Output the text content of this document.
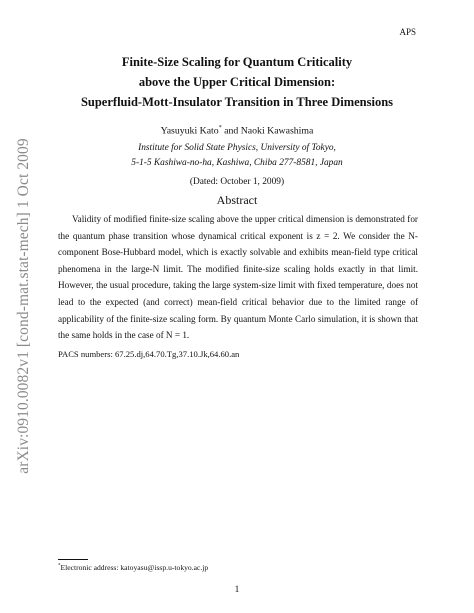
arXiv:0910.0082v1 [cond-mat.stat-mech] 1 Oct 2009
APS
Finite-Size Scaling for Quantum Criticality
above the Upper Critical Dimension:
Superfluid-Mott-Insulator Transition in Three Dimensions
Yasuyuki Kato* and Naoki Kawashima
Institute for Solid State Physics, University of Tokyo,
5-1-5 Kashiwa-no-ha, Kashiwa, Chiba 277-8581, Japan
(Dated: October 1, 2009)
Abstract
Validity of modified finite-size scaling above the upper critical dimension is demonstrated for the quantum phase transition whose dynamical critical exponent is z = 2. We consider the N-component Bose-Hubbard model, which is exactly solvable and exhibits mean-field type critical phenomena in the large-N limit. The modified finite-size scaling holds exactly in that limit. However, the usual procedure, taking the large system-size limit with fixed temperature, does not lead to the expected (and correct) mean-field critical behavior due to the limited range of applicability of the finite-size scaling form. By quantum Monte Carlo simulation, it is shown that the same holds in the case of N = 1.
PACS numbers: 67.25.dj,64.70.Tg,37.10.Jk,64.60.an
*Electronic address: katoyasu@issp.u-tokyo.ac.jp
1
